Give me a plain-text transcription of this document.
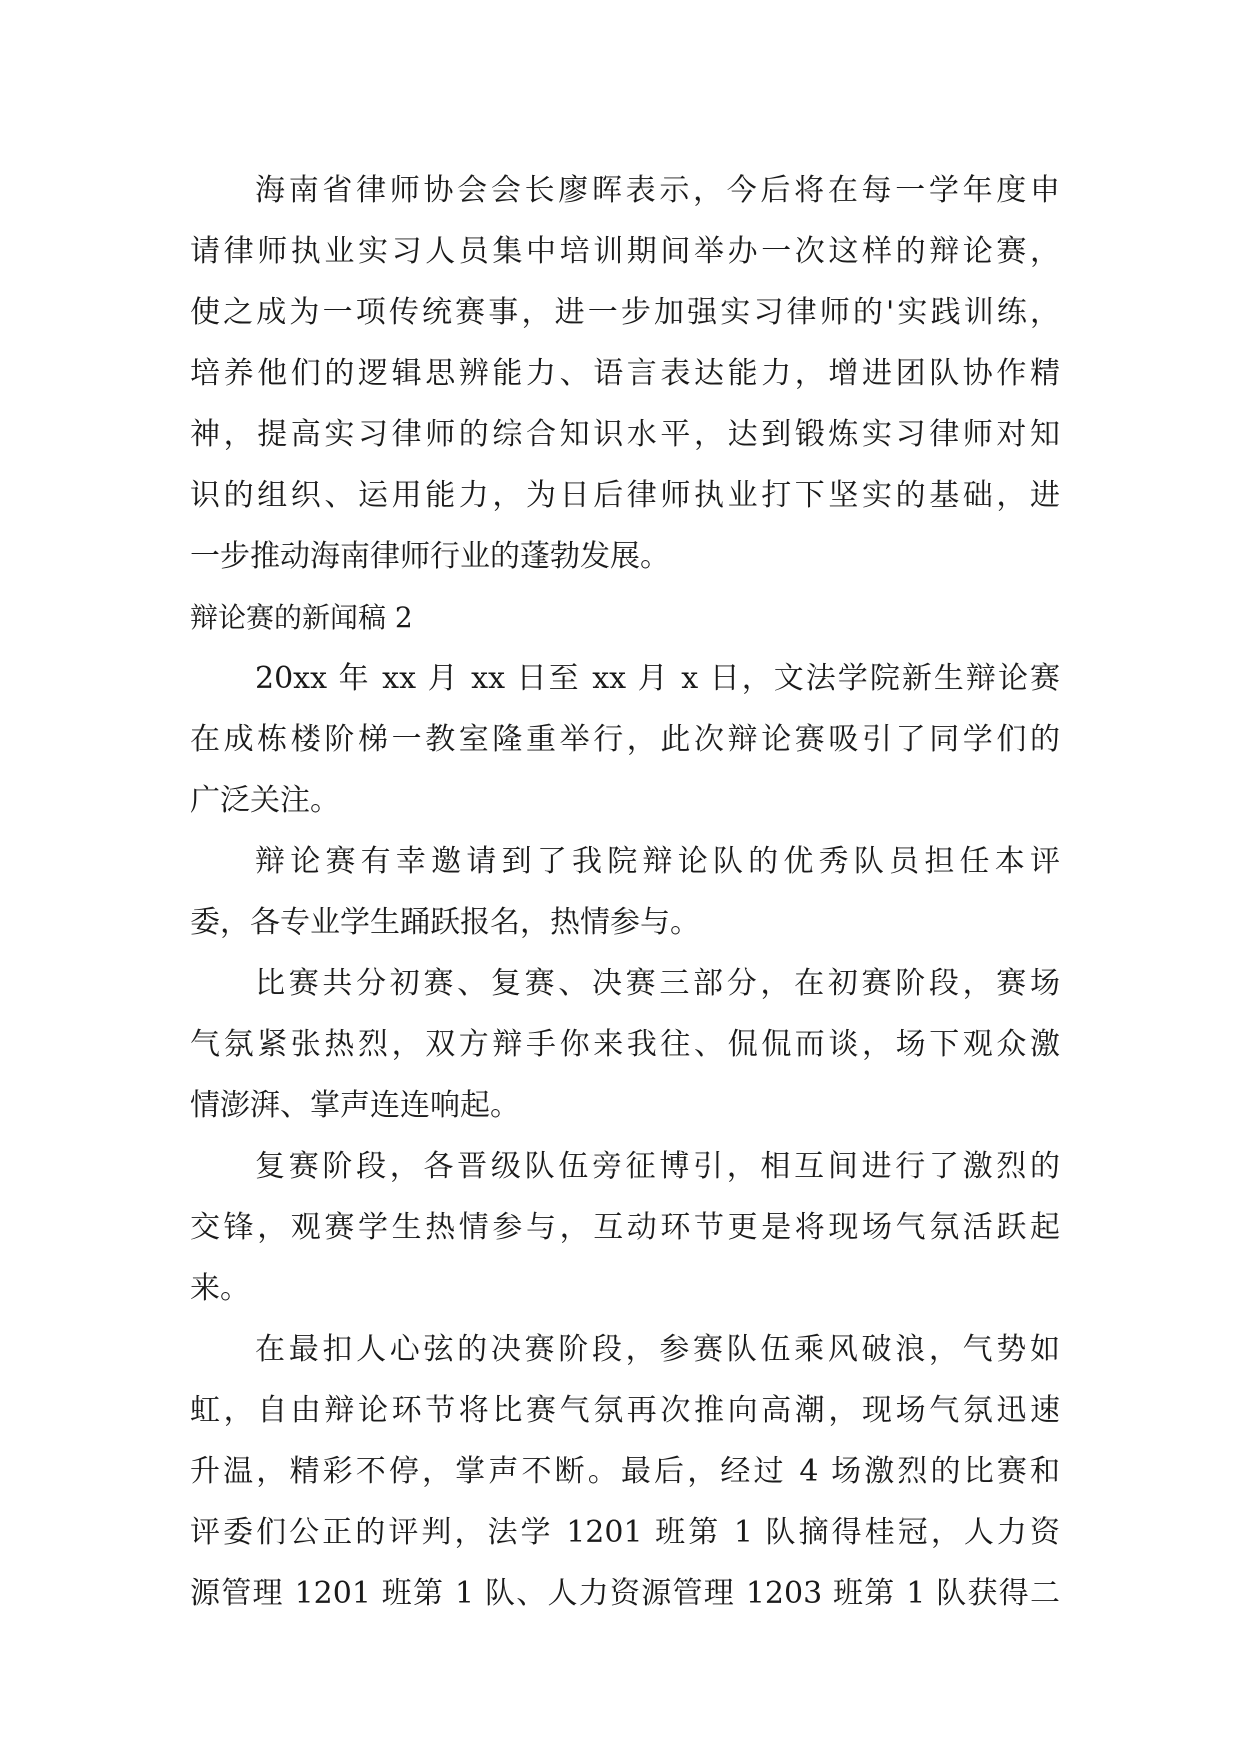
海南省律师协会会长廖晖表示，今后将在每一学年度申
请律师执业实习人员集中培训期间举办一次这样的辩论赛，
使之成为一项传统赛事，进一步加强实习律师的'实践训练，
培养他们的逻辑思辨能力、语言表达能力，增进团队协作精
神，提高实习律师的综合知识水平，达到锻炼实习律师对知
识的组织、运用能力，为日后律师执业打下坚实的基础，进
一步推动海南律师行业的蓬勃发展。
辩论赛的新闻稿 2
20xx 年 xx 月 xx 日至 xx 月 x 日，文法学院新生辩论赛
在成栋楼阶梯一教室隆重举行，此次辩论赛吸引了同学们的
广泛关注。
辩论赛有幸邀请到了我院辩论队的优秀队员担任本评
委，各专业学生踊跃报名，热情参与。
比赛共分初赛、复赛、决赛三部分，在初赛阶段，赛场
气氛紧张热烈，双方辩手你来我往、侃侃而谈，场下观众激
情澎湃、掌声连连响起。
复赛阶段，各晋级队伍旁征博引，相互间进行了激烈的
交锋，观赛学生热情参与，互动环节更是将现场气氛活跃起
来。
在最扣人心弦的决赛阶段，参赛队伍乘风破浪，气势如
虹，自由辩论环节将比赛气氛再次推向高潮，现场气氛迅速
升温，精彩不停，掌声不断。最后，经过 4 场激烈的比赛和
评委们公正的评判，法学 1201 班第 1 队摘得桂冠，人力资
源管理 1201 班第 1 队、人力资源管理 1203 班第 1 队获得二
